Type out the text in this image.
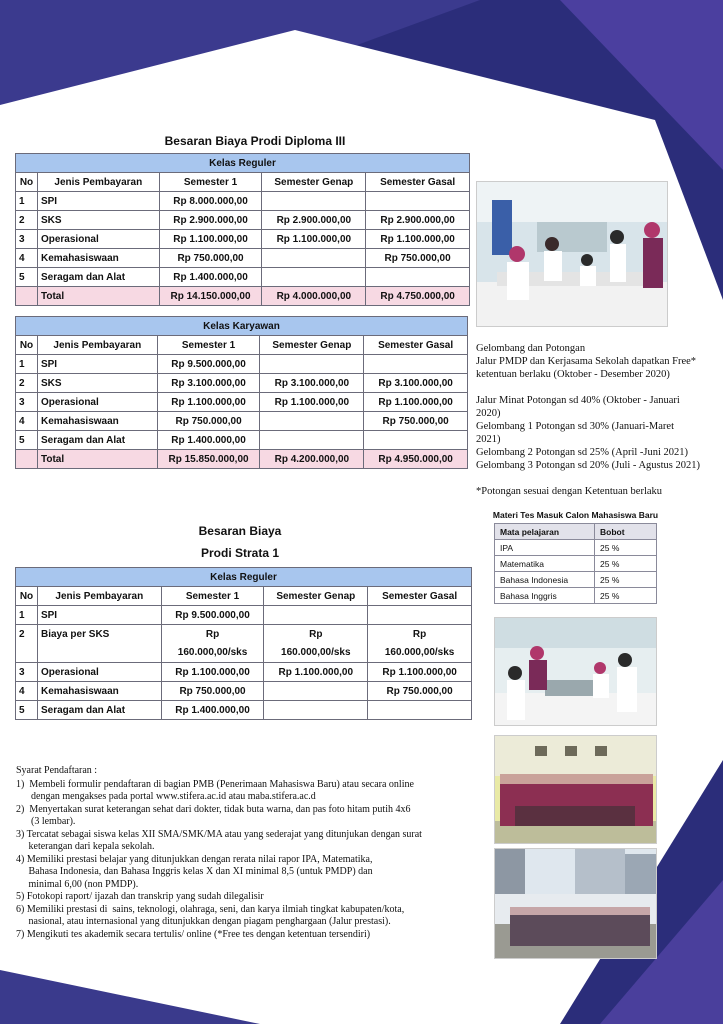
Besaran Biaya Prodi Diploma III
Kelas Reguler				
No	Jenis Pembayaran	Semester 1	Semester Genap	Semester Gasal
1	SPI	Rp 8.000.000,00		
2	SKS	Rp 2.900.000,00	Rp 2.900.000,00	Rp 2.900.000,00
3	Operasional	Rp 1.100.000,00	Rp 1.100.000,00	Rp 1.100.000,00
4	Kemahasiswaan	Rp 750.000,00		Rp 750.000,00
5	Seragam dan Alat	Rp 1.400.000,00		
	Total	Rp 14.150.000,00	Rp 4.000.000,00	Rp 4.750.000,00
Kelas Karyawan				
No	Jenis Pembayaran	Semester 1	Semester Genap	Semester Gasal
1	SPI	Rp 9.500.000,00		
2	SKS	Rp 3.100.000,00	Rp 3.100.000,00	Rp 3.100.000,00
3	Operasional	Rp 1.100.000,00	Rp 1.100.000,00	Rp 1.100.000,00
4	Kemahasiswaan	Rp 750.000,00		Rp 750.000,00
5	Seragam dan Alat	Rp 1.400.000,00		
	Total	Rp 15.850.000,00	Rp 4.200.000,00	Rp 4.950.000,00
Besaran Biaya
Prodi Strata 1
Kelas Reguler				
No	Jenis Pembayaran	Semester 1	Semester Genap	Semester Gasal
1	SPI	Rp 9.500.000,00		
2	Biaya per SKS	Rp	Rp	Rp
		160.000,00/sks	160.000,00/sks	160.000,00/sks
3	Operasional	Rp 1.100.000,00	Rp 1.100.000,00	Rp 1.100.000,00
4	Kemahasiswaan	Rp 750.000,00		Rp 750.000,00
5	Seragam dan Alat	Rp 1.400.000,00		
Gelombang dan Potongan
Jalur PMDP dan Kerjasama Sekolah dapatkan Free*
ketentuan berlaku (Oktober - Desember 2020)
Jalur Minat Potongan sd 40% (Oktober - Januari
2020)
Gelombang 1 Potongan sd 30% (Januari-Maret
2021)
Gelombang 2 Potongan sd 25% (April -Juni 2021)
Gelombang 3 Potongan sd 20% (Juli - Agustus 2021)
*Potongan sesuai dengan Ketentuan berlaku
Materi Tes Masuk Calon Mahasiswa Baru
Mata pelajaran	Bobot
IPA	25 %
Matematika	25 %
Bahasa Indonesia	25 %
Bahasa Inggris	25 %
Syarat Pendaftaran :
1)  Membeli formulir pendaftaran di bagian PMB (Penerimaan Mahasiswa Baru) atau secara online
dengan mengakses pada portal www.stifera.ac.id atau maba.stifera.ac.d
2)  Menyertakan surat keterangan sehat dari dokter, tidak buta warna, dan pas foto hitam putih 4x6
(3 lembar).
3) Tercatat sebagai siswa kelas XII SMA/SMK/MA atau yang sederajat yang ditunjukan dengan surat
keterangan dari kepala sekolah.
4) Memiliki prestasi belajar yang ditunjukkan dengan rerata nilai rapor IPA, Matematika,
Bahasa Indonesia, dan Bahasa Inggris kelas X dan XI minimal 8,5 (untuk PMDP) dan
minimal 6,00 (non PMDP).
5) Fotokopi raport/ ijazah dan transkrip yang sudah dilegalisir
6) Memiliki prestasi di  sains, teknologi, olahraga, seni, dan karya ilmiah tingkat kabupaten/kota,
nasional, atau internasional yang ditunjukkan dengan piagam penghargaan (Jalur prestasi).
7) Mengikuti tes akademik secara tertulis/ online (*Free tes dengan ketentuan tersendiri)
